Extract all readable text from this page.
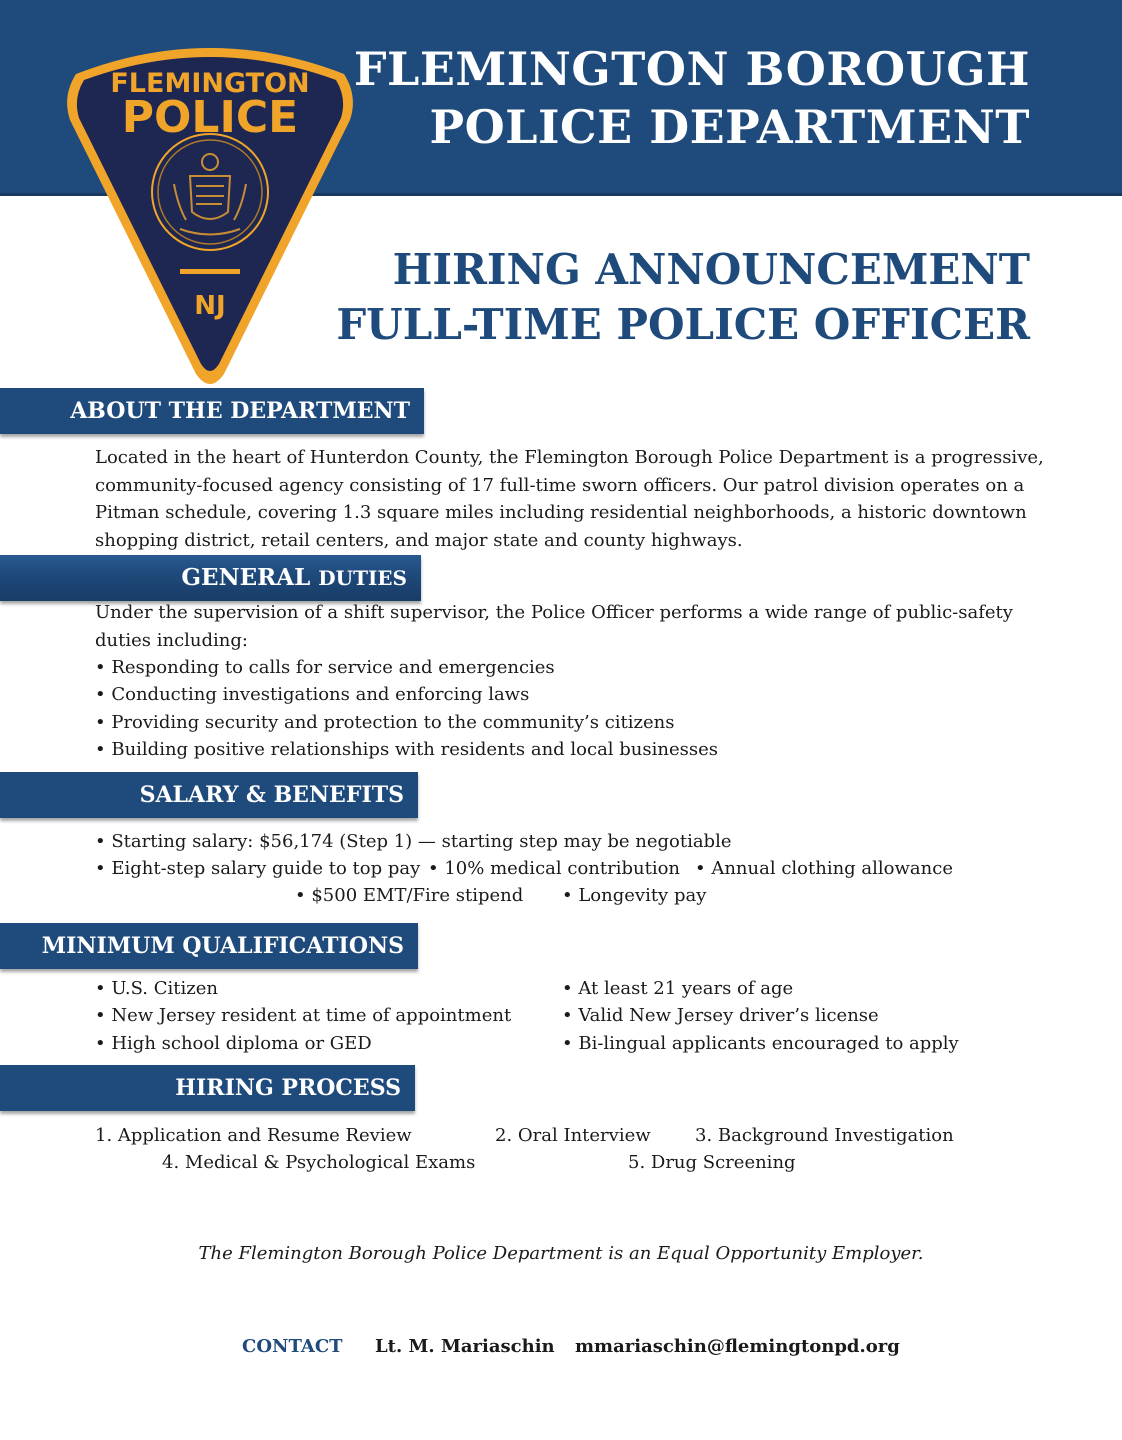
FLEMINGTON
POLICE
NJ
FLEMINGTON BOROUGH
POLICE DEPARTMENT
HIRING ANNOUNCEMENT
FULL-TIME POLICE OFFICER
ABOUT THE DEPARTMENT
Located in the heart of Hunterdon County, the Flemington Borough Police Department is a progressive, community-focused agency consisting of 17 full-time sworn officers. Our patrol division operates on a Pitman schedule, covering 1.3 square miles including residential neighborhoods, a historic downtown shopping district, retail centers, and major state and county highways.
GENERAL DUTIES
Under the supervision of a shift supervisor, the Police Officer performs a wide range of public-safety duties including:
• Responding to calls for service and emergencies
• Conducting investigations and enforcing laws
• Providing security and protection to the community’s citizens
• Building positive relationships with residents and local businesses
SALARY & BENEFITS
• Starting salary: $56,174 (Step 1) — starting step may be negotiable
• Eight-step salary guide to top pay • 10% medical contribution • Annual clothing allowance
• $500 EMT/Fire stipend • Longevity pay
MINIMUM QUALIFICATIONS
• U.S. Citizen
• New Jersey resident at time of appointment
• High school diploma or GED
• At least 21 years of age
• Valid New Jersey driver’s license
• Bi-lingual applicants encouraged to apply
HIRING PROCESS
1. Application and Resume Review	2. Oral Interview 3. Background Investigation
4. Medical & Psychological Exams	5. Drug Screening
The Flemington Borough Police Department is an Equal Opportunity Employer.
CONTACT Lt. M. Mariaschin mmariaschin@flemingtonpd.org
